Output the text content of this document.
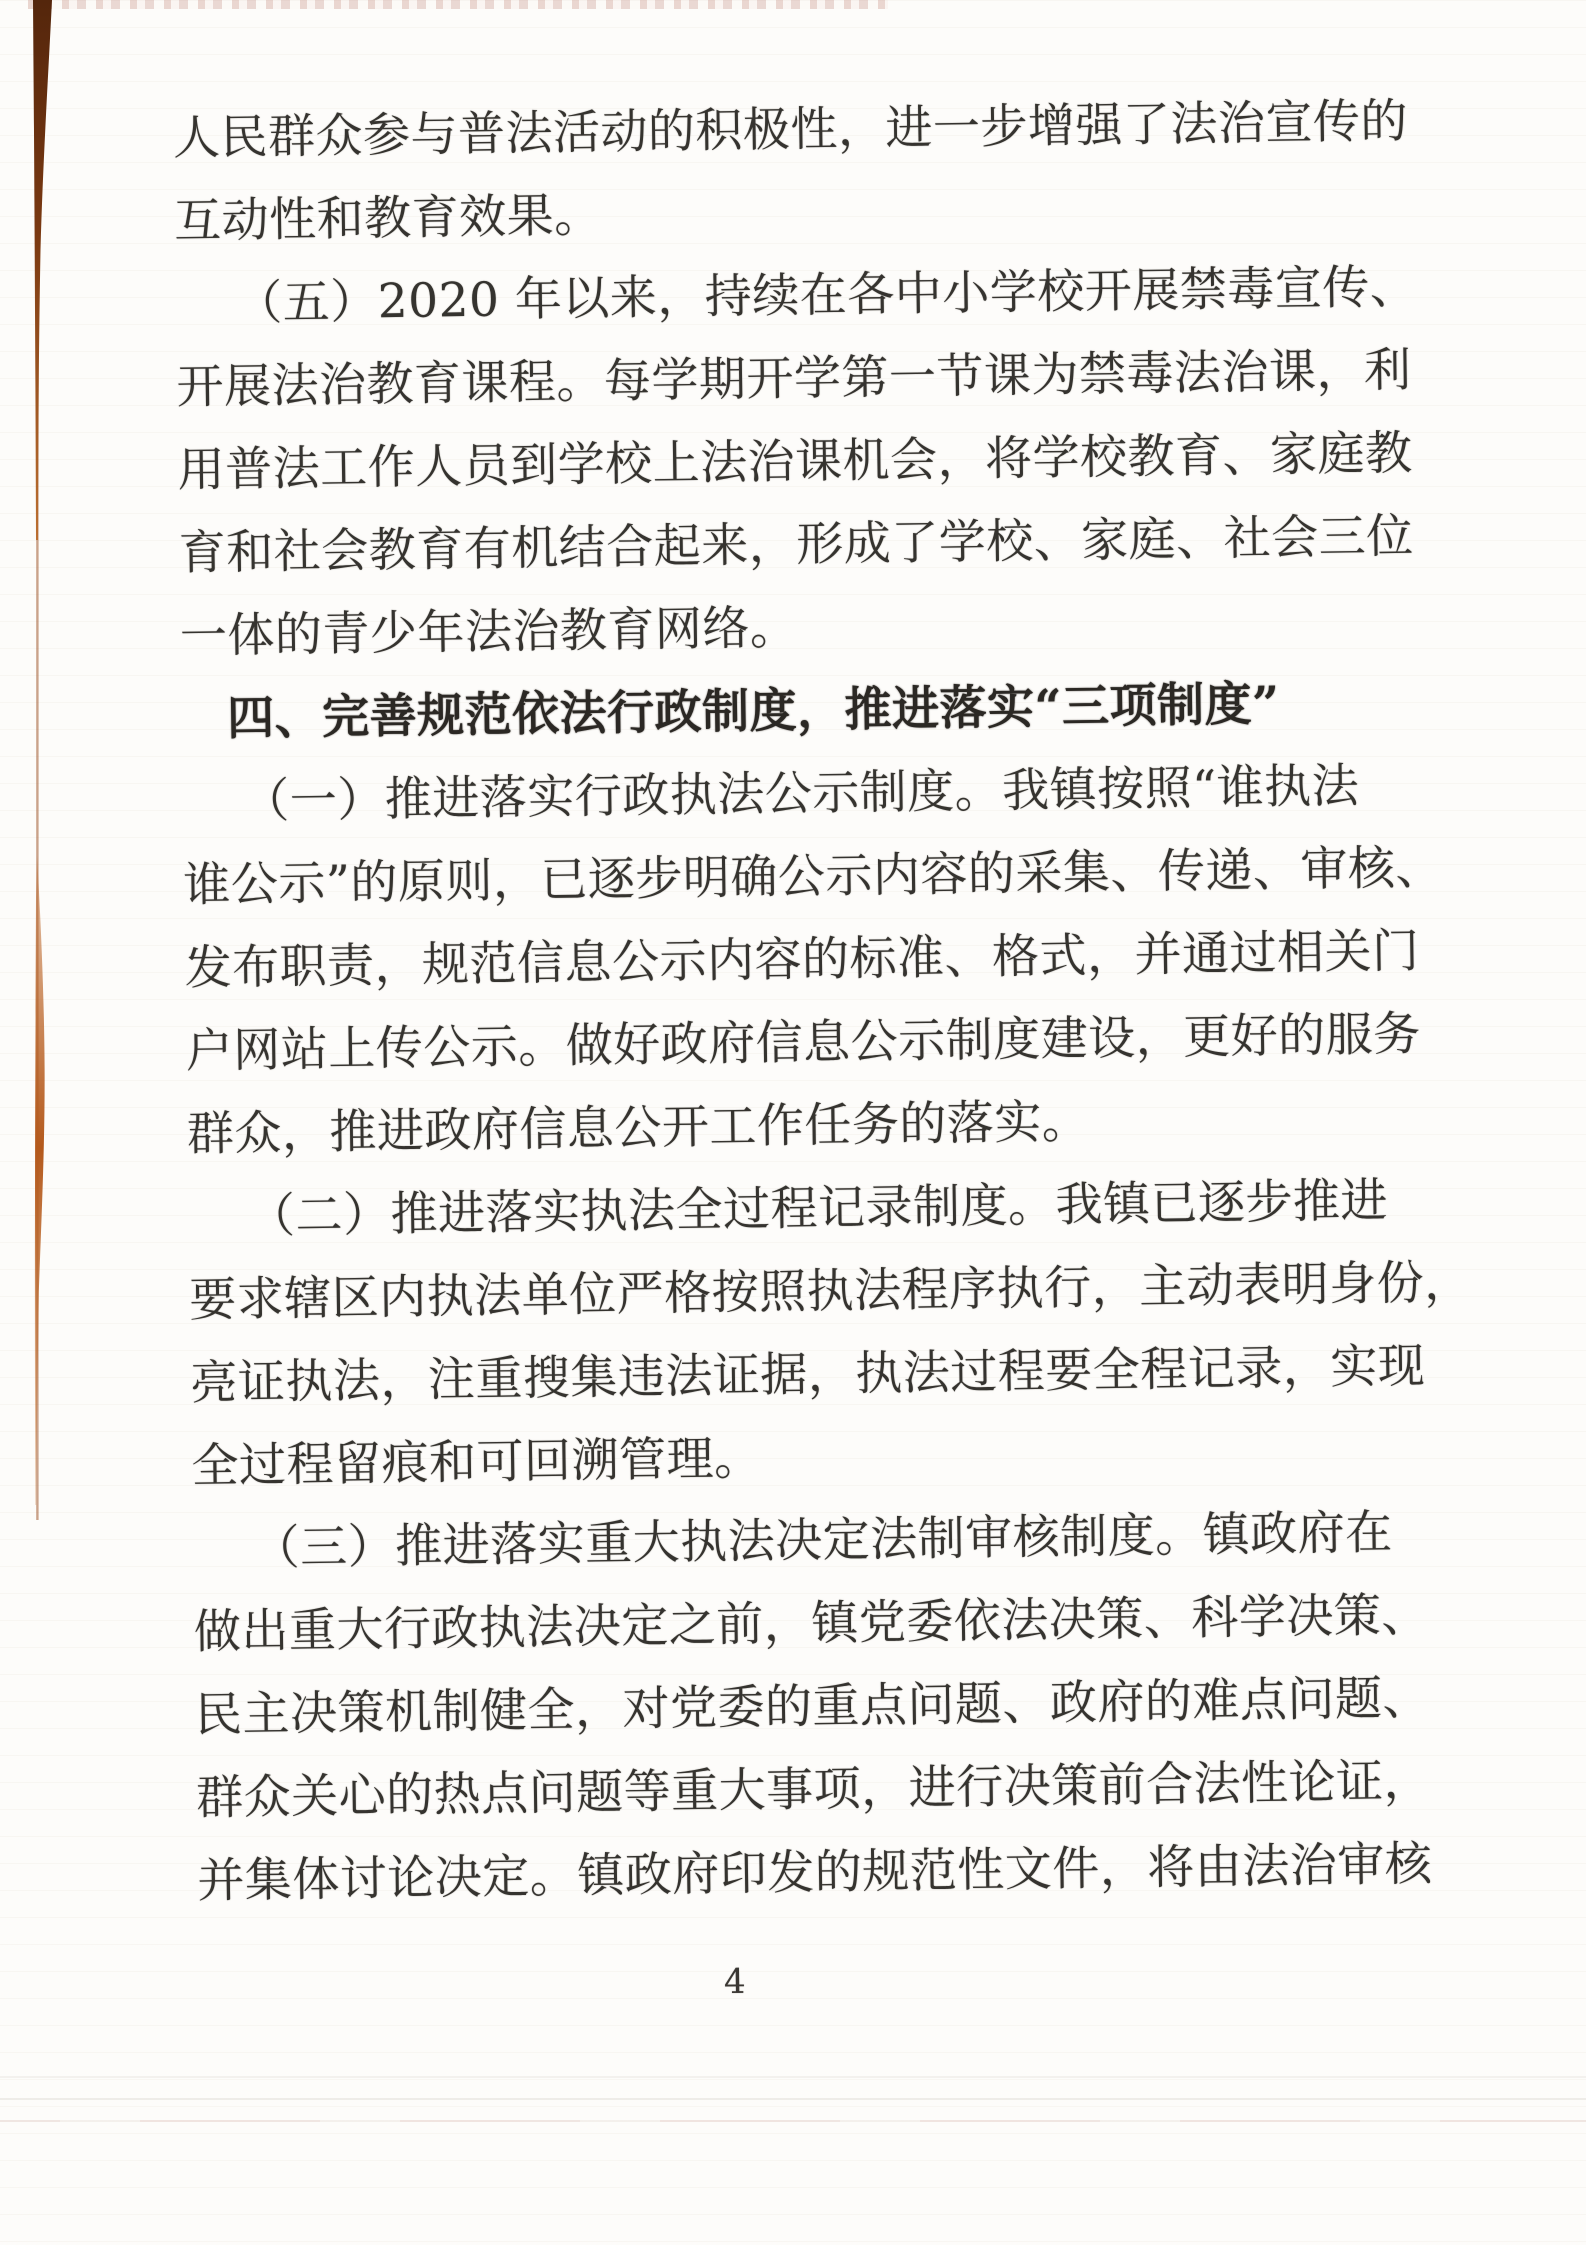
人民群众参与普法活动的积极性，进一步增强了法治宣传的
互动性和教育效果。
（五）2020 年以来，持续在各中小学校开展禁毒宣传、
开展法治教育课程。每学期开学第一节课为禁毒法治课，利
用普法工作人员到学校上法治课机会，将学校教育、家庭教
育和社会教育有机结合起来，形成了学校、家庭、社会三位
一体的青少年法治教育网络。
四、完善规范依法行政制度，推进落实“三项制度”
（一）推进落实行政执法公示制度。我镇按照“谁执法
谁公示”的原则，已逐步明确公示内容的采集、传递、审核、
发布职责，规范信息公示内容的标准、格式，并通过相关门
户网站上传公示。做好政府信息公示制度建设，更好的服务
群众，推进政府信息公开工作任务的落实。
（二）推进落实执法全过程记录制度。我镇已逐步推进
要求辖区内执法单位严格按照执法程序执行，主动表明身份，
亮证执法，注重搜集违法证据，执法过程要全程记录，实现
全过程留痕和可回溯管理。
（三）推进落实重大执法决定法制审核制度。镇政府在
做出重大行政执法决定之前，镇党委依法决策、科学决策、
民主决策机制健全，对党委的重点问题、政府的难点问题、
群众关心的热点问题等重大事项，进行决策前合法性论证，
并集体讨论决定。镇政府印发的规范性文件，将由法治审核
4
